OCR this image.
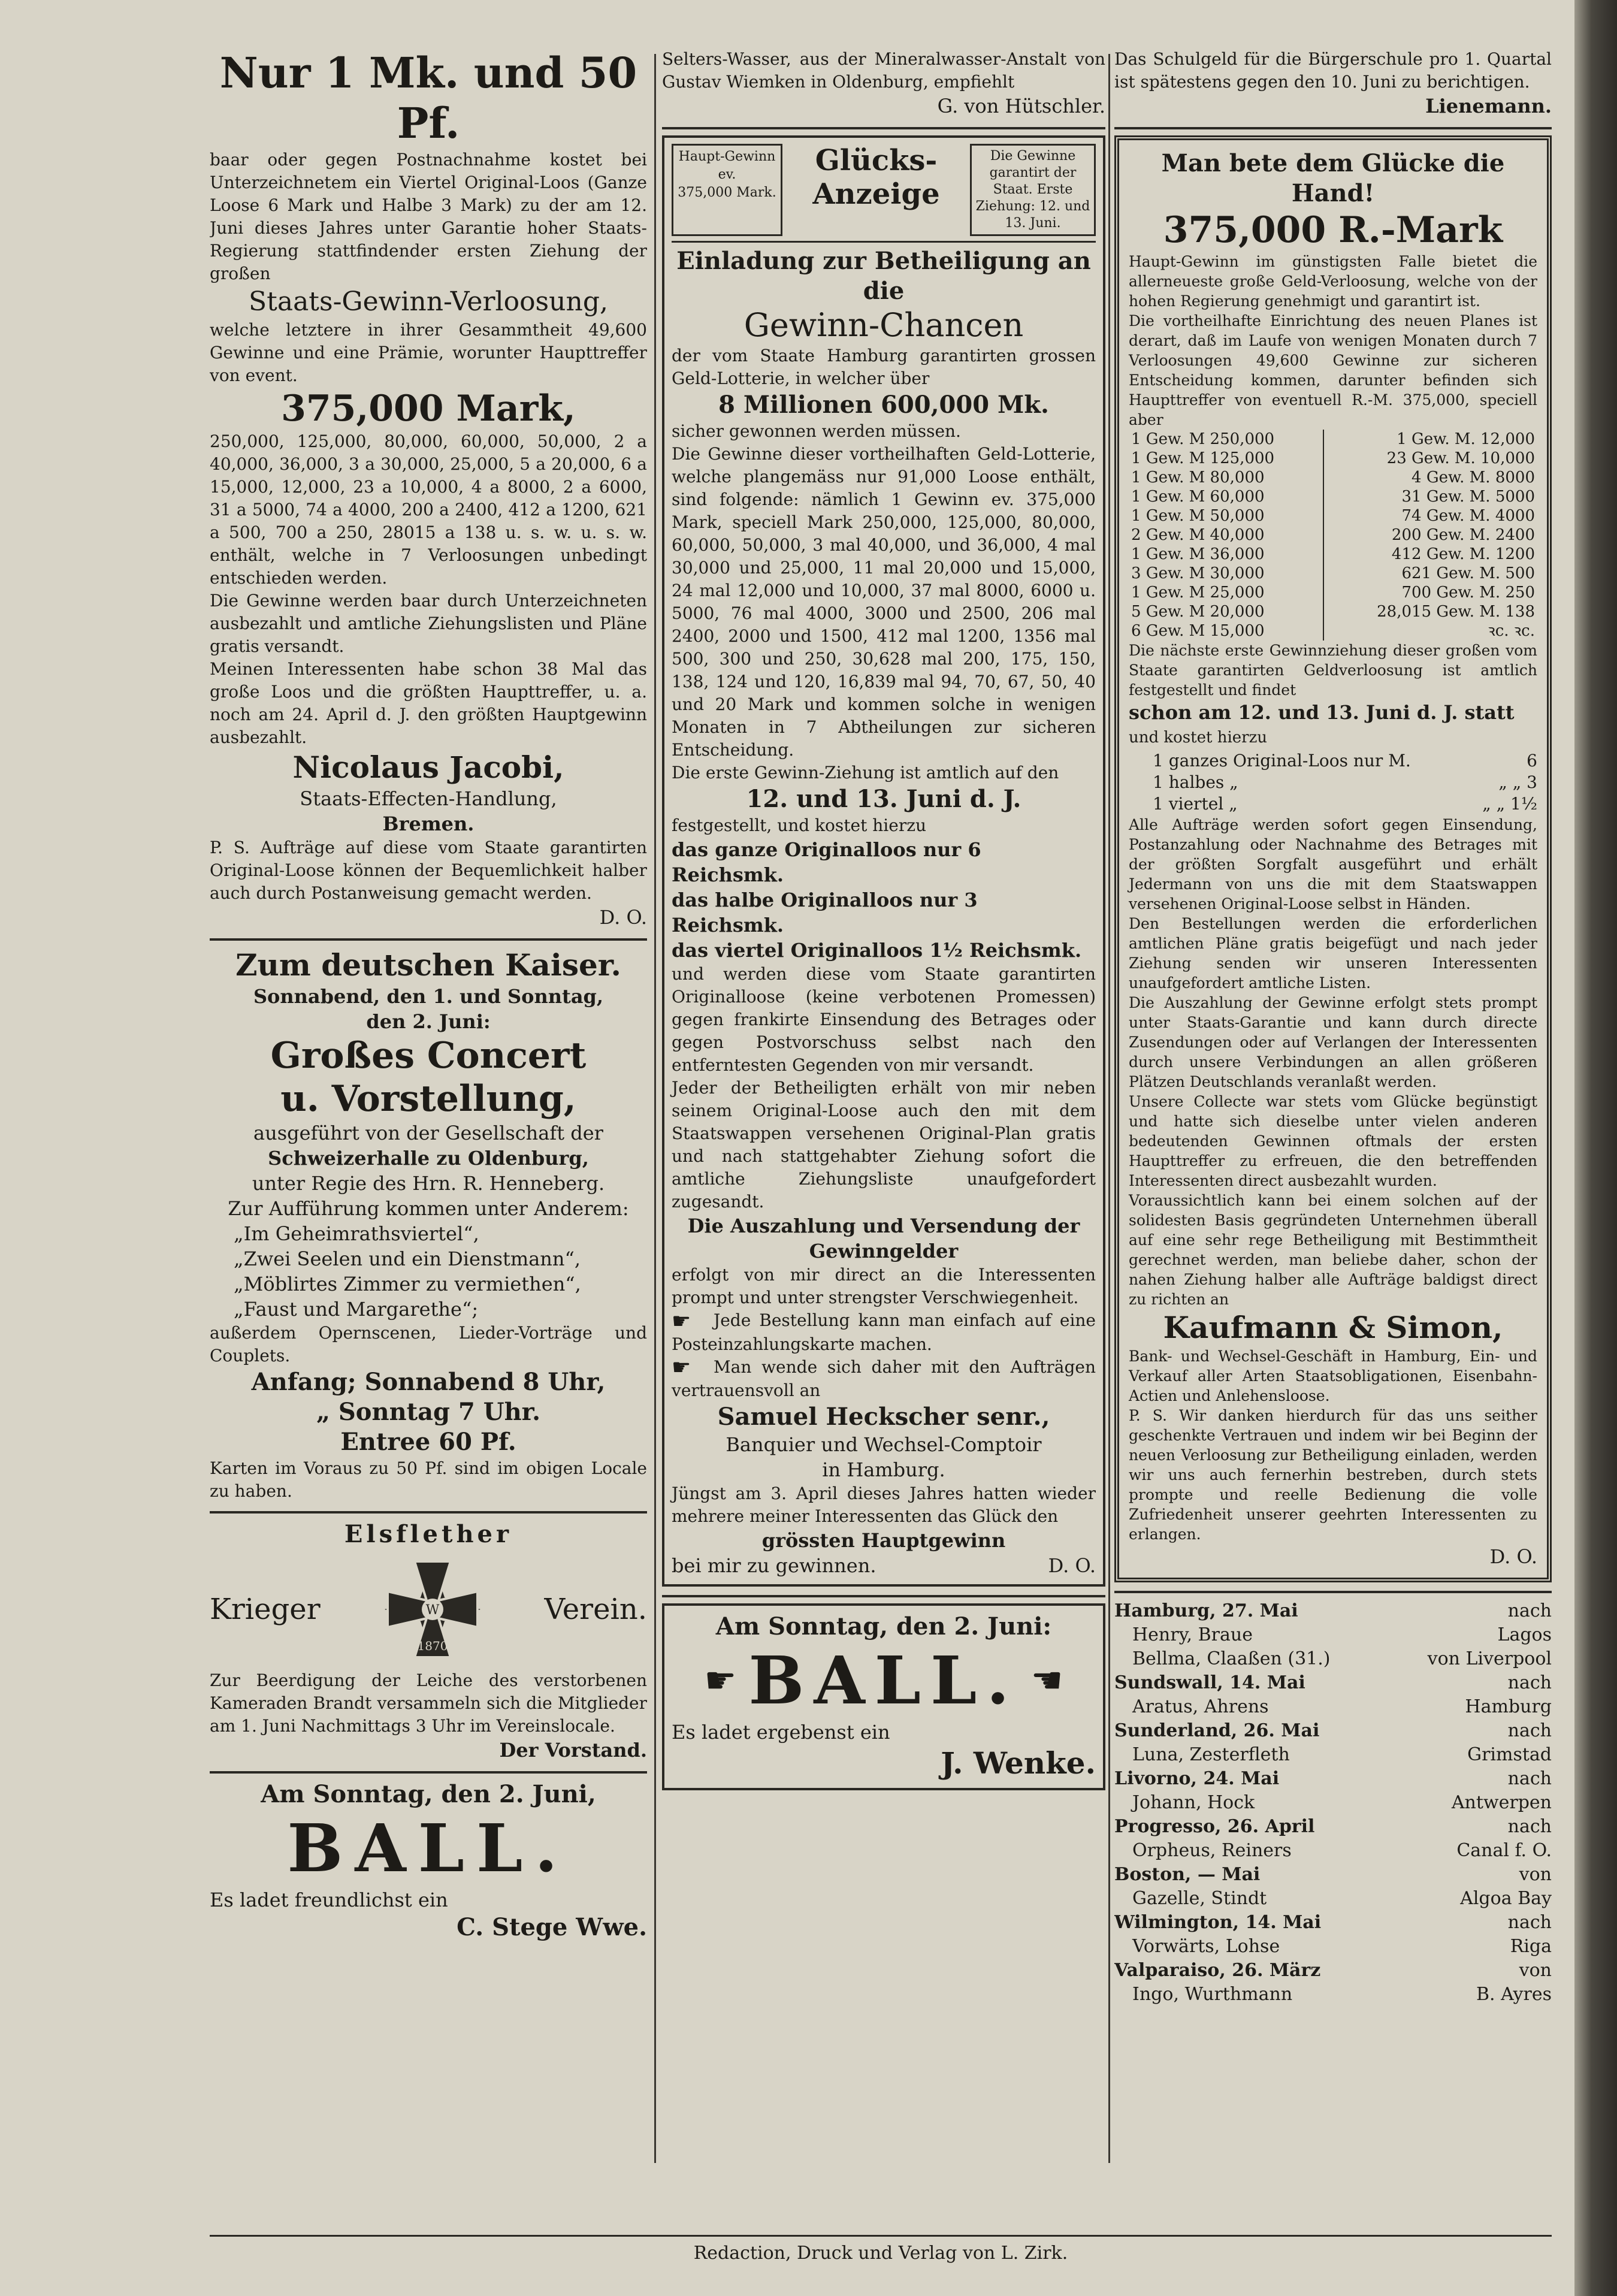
Nur 1 Mk. und 50 Pf.

baar oder gegen Postnachnahme kostet bei Unterzeichnetem ein Viertel Original-Loos (Ganze Loose 6 Mark und Halbe 3 Mark) zu der am 12. Juni dieses Jahres unter Garantie hoher Staats-Regierung stattfindender ersten Ziehung der großen

Staats-Gewinn-Verloosung,

welche letztere in ihrer Gesammtheit 49,600 Gewinne und eine Prämie, worunter Haupttreffer von event.

375,000 Mark,

250,000, 125,000, 80,000, 60,000, 50,000, 2 a 40,000, 36,000, 3 a 30,000, 25,000, 5 a 20,000, 6 a 15,000, 12,000, 23 a 10,000, 4 a 8000, 2 a 6000, 31 a 5000, 74 a 4000, 200 a 2400, 412 a 1200, 621 a 500, 700 a 250, 28015 a 138 u. s. w. u. s. w. enthält, welche in 7 Verloosungen unbedingt entschieden werden.

Die Gewinne werden baar durch Unterzeichneten ausbezahlt und amtliche Ziehungslisten und Pläne gratis versandt.

Meinen Interessenten habe schon 38 Mal das große Loos und die größten Haupttreffer, u. a. noch am 24. April d. J. den größten Hauptgewinn ausbezahlt.

Nicolaus Jacobi,
Staats-Effecten-Handlung,
Bremen.

P. S. Aufträge auf diese vom Staate garantirten Original-Loose können der Bequemlichkeit halber auch durch Postanweisung gemacht werden.

D. O.
Zum deutschen Kaiser.
Sonnabend, den 1. und Sonntag,
den 2. Juni:
Großes Concert
u. Vorstellung,
ausgeführt von der Gesellschaft der
Schweizerhalle zu Oldenburg,
unter Regie des Hrn. R. Henneberg.
Zur Aufführung kommen unter Anderem:
„Im Geheimrathsviertel“,
„Zwei Seelen und ein Dienstmann“,
„Möblirtes Zimmer zu vermiethen“,
„Faust und Margarethe“;

außerdem Opernscenen, Lieder-Vorträge und Couplets.

Anfang; Sonnabend 8 Uhr,
„ Sonntag 7 Uhr.
Entree 60 Pf.

Karten im Voraus zu 50 Pf. sind im obigen Locale zu haben.

Elsflether
Krieger	W
1870
Verein.

Zur Beerdigung der Leiche des verstorbenen Kameraden Brandt versammeln sich die Mitglieder am 1. Juni Nachmittags 3 Uhr im Vereinslocale.

Der Vorstand.
Am Sonntag, den 2. Juni,
BALL.
Es ladet freundlichst ein
C. Stege Wwe.

Selters-Wasser, aus der Mineralwasser-Anstalt von Gustav Wiemken in Oldenburg, empfiehlt

G. von Hütschler.
Haupt-Gewinn
ev.
375,000 Mark.
Glücks-
Anzeige
Die Gewinne garantirt der Staat. Erste Ziehung: 12. und 13. Juni.
Einladung zur Betheiligung an die
Gewinn-Chancen

der vom Staate Hamburg garantirten grossen Geld-Lotterie, in welcher über

8 Millionen 600,000 Mk.

sicher gewonnen werden müssen.

Die Gewinne dieser vortheilhaften Geld-Lotterie, welche plangemäss nur 91,000 Loose enthält, sind folgende: nämlich 1 Gewinn ev. 375,000 Mark, speciell Mark 250,000, 125,000, 80,000, 60,000, 50,000, 3 mal 40,000, und 36,000, 4 mal 30,000 und 25,000, 11 mal 20,000 und 15,000, 24 mal 12,000 und 10,000, 37 mal 8000, 6000 u. 5000, 76 mal 4000, 3000 und 2500, 206 mal 2400, 2000 und 1500, 412 mal 1200, 1356 mal 500, 300 und 250, 30,628 mal 200, 175, 150, 138, 124 und 120, 16,839 mal 94, 70, 67, 50, 40 und 20 Mark und kommen solche in wenigen Monaten in 7 Abtheilungen zur sicheren Entscheidung.

Die erste Gewinn-Ziehung ist amtlich auf den

12. und 13. Juni d. J.

festgestellt, und kostet hierzu

das ganze Originalloos nur 6 Reichsmk.
das halbe Originalloos nur 3 Reichsmk.
das viertel Originalloos 1½ Reichsmk.

und werden diese vom Staate garantirten Originalloose (keine verbotenen Promessen) gegen frankirte Einsendung des Betrages oder gegen Postvorschuss selbst nach den entferntesten Gegenden von mir versandt.

Jeder der Betheiligten erhält von mir neben seinem Original-Loose auch den mit dem Staatswappen versehenen Original-Plan gratis und nach stattgehabter Ziehung sofort die amtliche Ziehungsliste unaufgefordert zugesandt.

Die Auszahlung und Versendung der Gewinngelder

erfolgt von mir direct an die Interessenten prompt und unter strengster Verschwiegenheit.

☛ Jede Bestellung kann man einfach auf eine Posteinzahlungskarte machen.

☛ Man wende sich daher mit den Aufträgen vertrauensvoll an

Samuel Heckscher senr.,
Banquier und Wechsel-Comptoir
in Hamburg.

Jüngst am 3. April dieses Jahres hatten wieder mehrere meiner Interessenten das Glück den

grössten Hauptgewinn
bei mir zu gewinnen.	D. O.
Am Sonntag, den 2. Juni:
☛ BALL. ☚
Es ladet ergebenst ein
J. Wenke.

Das Schulgeld für die Bürgerschule pro 1. Quartal ist spätestens gegen den 10. Juni zu berichtigen.

Lienemann.
Man bete dem Glücke die Hand!
375,000 R.-Mark

Haupt-Gewinn im günstigsten Falle bietet die allerneueste große Geld-Verloosung, welche von der hohen Regierung genehmigt und garantirt ist.

Die vortheilhafte Einrichtung des neuen Planes ist derart, daß im Laufe von wenigen Monaten durch 7 Verloosungen 49,600 Gewinne zur sicheren Entscheidung kommen, darunter befinden sich Haupttreffer von eventuell R.-M. 375,000, speciell aber

1 Gew. M 250,000	1 Gew. M. 12,000
1 Gew. M 125,000	23 Gew. M. 10,000
1 Gew. M 80,000	4 Gew. M. 8000
1 Gew. M 60,000	31 Gew. M. 5000
1 Gew. M 50,000	74 Gew. M. 4000
2 Gew. M 40,000	200 Gew. M. 2400
1 Gew. M 36,000	412 Gew. M. 1200
3 Gew. M 30,000	621 Gew. M. 500
1 Gew. M 25,000	700 Gew. M. 250
5 Gew. M 20,000	28,015 Gew. M. 138
6 Gew. M 15,000	ꝛc. ꝛc.

Die nächste erste Gewinnziehung dieser großen vom Staate garantirten Geldverloosung ist amtlich festgestellt und findet

schon am 12. und 13. Juni d. J. statt
und kostet hierzu
1 ganzes Original-Loos nur M.	6
1 halbes „	„ „ 3
1 viertel „	„ „ 1½

Alle Aufträge werden sofort gegen Einsendung, Postanzahlung oder Nachnahme des Betrages mit der größten Sorgfalt ausgeführt und erhält Jedermann von uns die mit dem Staatswappen versehenen Original-Loose selbst in Händen.

Den Bestellungen werden die erforderlichen amtlichen Pläne gratis beigefügt und nach jeder Ziehung senden wir unseren Interessenten unaufgefordert amtliche Listen.

Die Auszahlung der Gewinne erfolgt stets prompt unter Staats-Garantie und kann durch directe Zusendungen oder auf Verlangen der Interessenten durch unsere Verbindungen an allen größeren Plätzen Deutschlands veranlaßt werden.

Unsere Collecte war stets vom Glücke begünstigt und hatte sich dieselbe unter vielen anderen bedeutenden Gewinnen oftmals der ersten Haupttreffer zu erfreuen, die den betreffenden Interessenten direct ausbezahlt wurden.

Voraussichtlich kann bei einem solchen auf der solidesten Basis gegründeten Unternehmen überall auf eine sehr rege Betheiligung mit Bestimmtheit gerechnet werden, man beliebe daher, schon der nahen Ziehung halber alle Aufträge baldigst direct zu richten an

Kaufmann & Simon,

Bank- und Wechsel-Geschäft in Hamburg, Ein- und Verkauf aller Arten Staatsobligationen, Eisenbahn-Actien und Anlehensloose.

P. S. Wir danken hierdurch für das uns seither geschenkte Vertrauen und indem wir bei Beginn der neuen Verloosung zur Betheiligung einladen, werden wir uns auch fernerhin bestreben, durch stets prompte und reelle Bedienung die volle Zufriedenheit unserer geehrten Interessenten zu erlangen.

D. O.
Hamburg, 27. Mai	nach
Henry, Braue	Lagos
Bellma, Claaßen (31.)	von Liverpool
Sundswall, 14. Mai	nach
Aratus, Ahrens	Hamburg
Sunderland, 26. Mai	nach
Luna, Zesterfleth	Grimstad
Livorno, 24. Mai	nach
Johann, Hock	Antwerpen
Progresso, 26. April	nach
Orpheus, Reiners	Canal f. O.
Boston, — Mai	von
Gazelle, Stindt	Algoa Bay
Wilmington, 14. Mai	nach
Vorwärts, Lohse	Riga
Valparaiso, 26. März	von
Ingo, Wurthmann	B. Ayres
Redaction, Druck und Verlag von L. Zirk.
